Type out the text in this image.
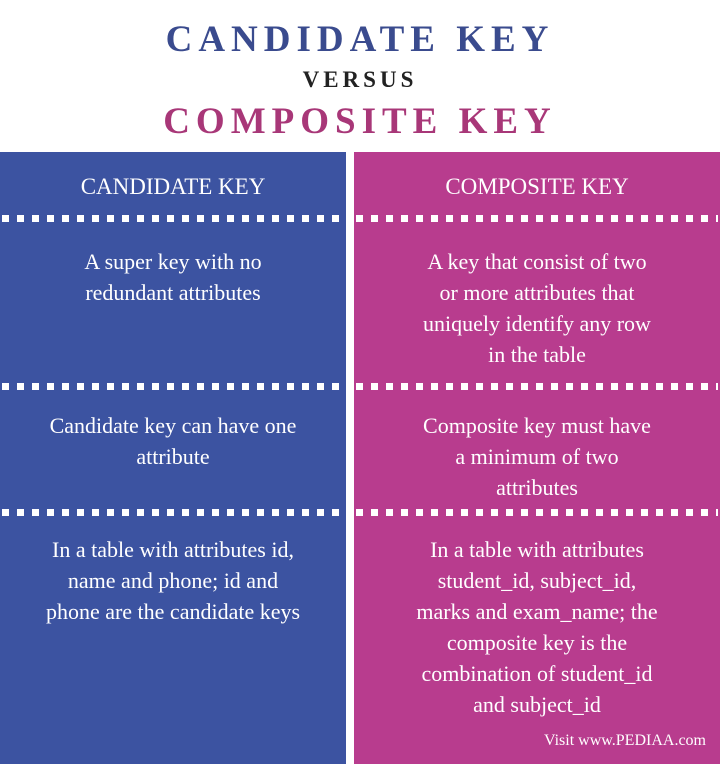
CANDIDATE KEY
VERSUS
COMPOSITE KEY
CANDIDATE KEY
A super key with no
redundant attributes
Candidate key can have one
attribute
In a table with attributes id,
name and phone; id and
phone are the candidate keys
COMPOSITE KEY
A key that consist of two
or more attributes that
uniquely identify any row
in the table
Composite key must have
a minimum of two
attributes
In a table with attributes
student_id, subject_id,
marks and exam_name; the
composite key is the
combination of student_id
and subject_id
Visit www.PEDIAA.com
